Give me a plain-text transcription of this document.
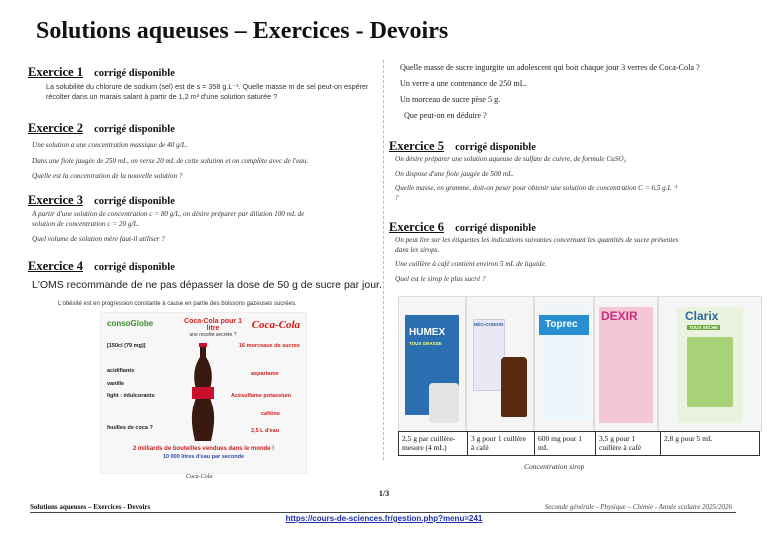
Solutions aqueuses – Exercices - Devoirs
Exercice 1 corrigé disponible
La solubilité du chlorure de sodium (sel) est de s = 358 g.L⁻¹. Quelle masse m de sel peut-on espérer
récolter dans un marais salant à partir de 1,2 m³ d'une solution saturée ?
Exercice 2 corrigé disponible
Une solution a une concentration massique de 40 g/L.
Dans une fiole jaugée de 250 mL, on verse 20 mL de cette solution et on complète avec de l'eau.
Quelle est la concentration de la nouvelle solution ?
Exercice 3 corrigé disponible
A partir d'une solution de concentration c = 80 g/L, on désire préparer par dilution 100 mL de
solution de concentration c = 20 g/L.
Quel volume de solution mère faut-il utiliser ?
Exercice 4 corrigé disponible
L'OMS recommande de ne pas dépasser la dose de 50 g de sucre par jour.
L'obésité est en progression constante à cause en partie des boissons gazeuses sucrées.
consoGlobe	Coca-Cola pour 1 litre
une recette secrète ?
Coca-Cola
[150cl (79 mg)]
acidifiants
vanille
light : édulcorants
feuilles de coca ?
16 morceaux de sucres
aspartame
Acésulfame potassium
caféine
2,5 L d'eau
2 milliards de bouteilles vendues dans le monde !
10 000 litres d'eau par seconde
Coca-Cola
Quelle masse de sucre ingurgite un adolescent qui boit chaque jour 3 verres de Coca-Cola ?
Un verre a une contenance de 250 mL.
Un morceau de sucre pèse 5 g.
Que peut-on en déduire ?
Exercice 5 corrigé disponible
On désire préparer une solution aqueuse de sulfate de cuivre, de formule CuSO₄
On dispose d'une fiole jaugée de 500 mL.
Quelle masse, en gramme, doit-on peser pour obtenir une solution de concentration C = 6,5 g.L⁻¹
?
Exercice 6 corrigé disponible
On peut lire sur les étiquettes les indications suivantes concernant les quantités de sucre présentes
dans les sirops.
Une cuillère à café contient environ 5 mL de liquide.
Quel est le sirop le plus sucré ?
HUMEX
TOUX GRASSE
NÉO-CODION	Toprec
DEXIR	Clarix
TOUX SÈCHE
2,5 g par cuillère-mesure (4 mL)	3 g pour 1 cuillère à café	600 mg pour 1 mL	3,5 g pour 1 cuillère à café	2,8 g pour 5 mL
Concentration sirop
1/3
Solutions aqueuses – Exercices - Devoirs	Seconde générale - Physique – Chimie - Année scolaire 2025/2026
https://cours-de-sciences.fr/gestion.php?menu=241
